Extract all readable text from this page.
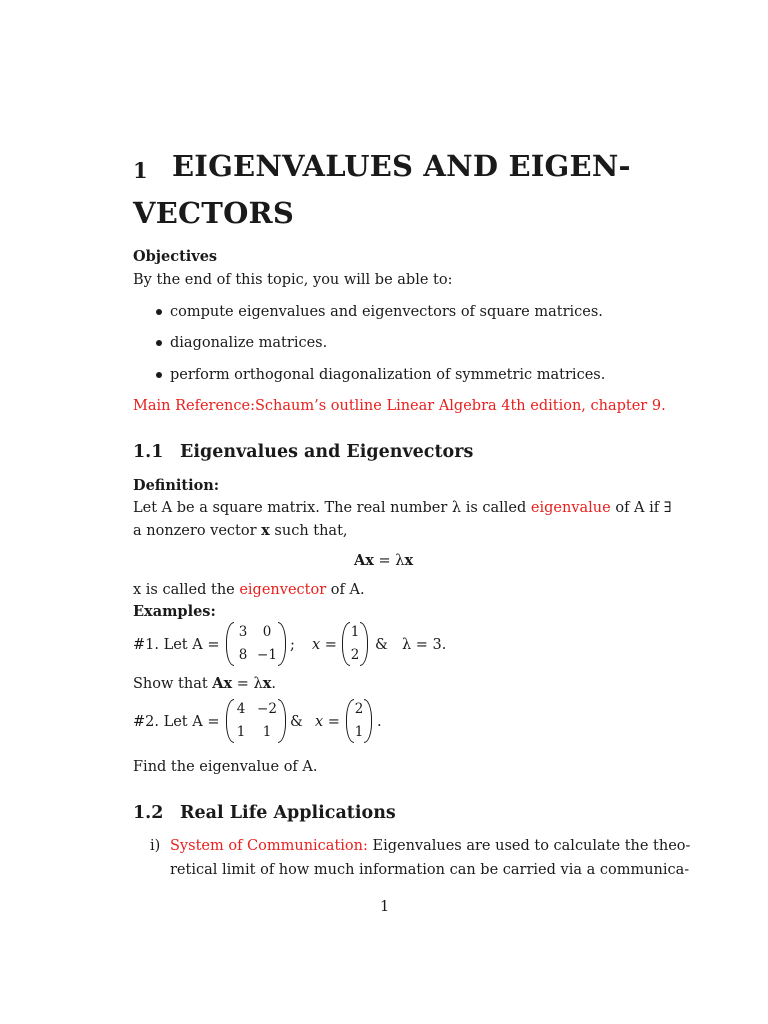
1 EIGENVALUES AND EIGEN-
VECTORS
Objectives
By the end of this topic, you will be able to:
compute eigenvalues and eigenvectors of square matrices.
diagonalize matrices.
perform orthogonal diagonalization of symmetric matrices.
Main Reference:Schaum’s outline Linear Algebra 4th edition, chapter 9.
1.1 Eigenvalues and Eigenvectors
Definition:
Let A be a square matrix. The real number λ is called eigenvalue of A if ∃
a nonzero vector x such that,
Ax = λx
x is called the eigenvector of A.
Examples:
#1. Let A =
3	0
8 −1
; x =
1
2
& λ = 3.
Show that Ax = λx.
#2. Let A =
4 −2
1	1
& x =
2
1
.
Find the eigenvalue of A.
1.2 Real Life Applications
i) System of Communication: Eigenvalues are used to calculate the theo-
retical limit of how much information can be carried via a communica-
1
